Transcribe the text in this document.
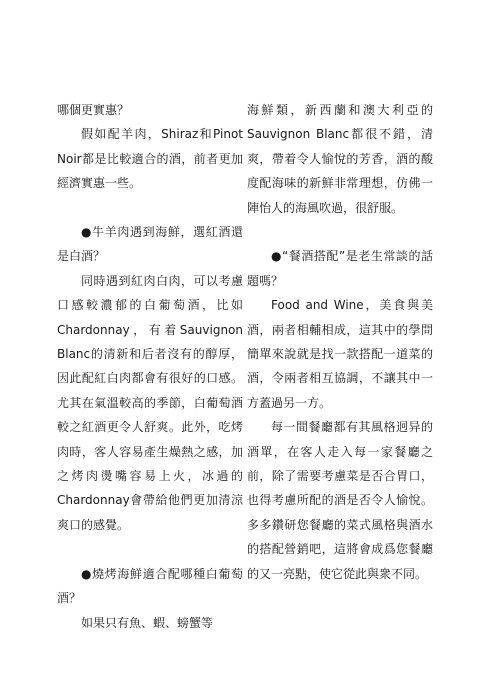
哪個更實惠？

假如配羊肉，Shiraz和Pinot Noir都是比較適合的酒，前者更加經濟實惠一些。

●牛羊肉遇到海鮮，選紅酒還是白酒？

同時遇到紅肉白肉，可以考慮口感較濃郁的白葡萄酒，比如Chardonnay，有着Sauvignon Blanc的清新和后者沒有的醇厚，因此配紅白肉都會有很好的口感。尤其在氣溫較高的季節，白葡萄酒較之紅酒更令人舒爽。此外，吃烤肉時，客人容易產生燥熱之感，加之烤肉燙嘴容易上火，冰過的Chardonnay會帶給他們更加清涼爽口的感覺。

●燒烤海鮮適合配哪種白葡萄酒？

如果只有魚、蝦、螃蟹等

海鮮類，新西蘭和澳大利亞的Sauvignon Blanc都很不錯，清爽，帶着令人愉悅的芳香，酒的酸度配海味的新鮮非常理想，仿佛一陣怡人的海風吹過，很舒服。

●“餐酒搭配”是老生常談的話題嗎？

Food and Wine，美食與美酒，兩者相輔相成，這其中的學問簡單來說就是找一款搭配一道菜的酒，令兩者相互協調，不讓其中一方蓋過另一方。

每一間餐廳都有其風格迥异的酒單，在客人走入每一家餐廳之前，除了需要考慮菜是否合胃口，也得考慮所配的酒是否令人愉悅。多多鑽研您餐廳的菜式風格與酒水的搭配營銷吧，這將會成爲您餐廳的又一亮點，使它從此與衆不同。
